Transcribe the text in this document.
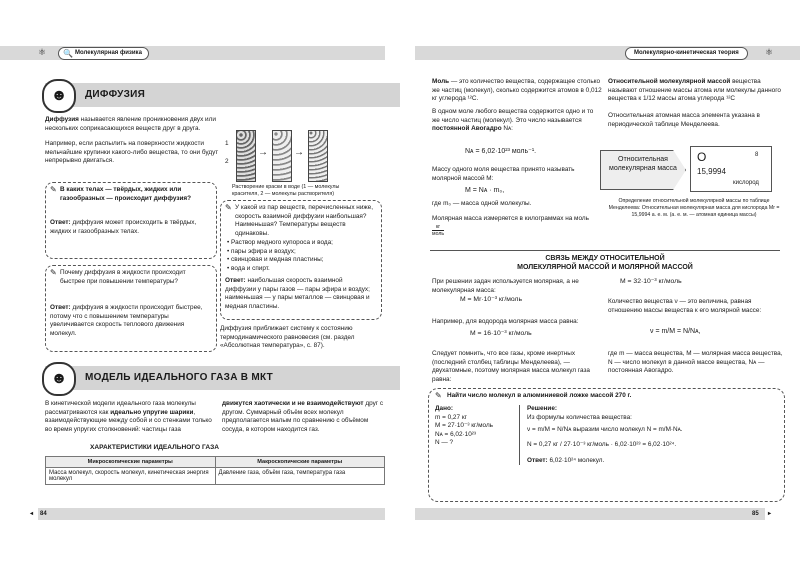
⚛ 🔍 Молекулярная физика
☻	ДИФФУЗИЯ
Диффузия называется явление проникновения двух или нескольких соприкасающихся веществ друг в друга.
Например, если распылить на поверхности жидкости мельчайшие крупинки какого-либо вещества, то они будут непрерывно двигаться.
1
2
→	→
Растворение краски в воде (1 — молекулы красителя, 2 — молекулы растворителя)
✎ В каких телах — твёрдых, жидких или газообразных — происходит диффузия?
Ответ: диффузия может происходить в твёрдых, жидких и газообразных телах.
✎ Почему диффузия в жидкости происходит быстрее при повышении температуры?
Ответ: диффузия в жидкости происходит быстрее, потому что с повышением температуры увеличивается скорость теплового движения молекул.
✎ У какой из пар веществ, перечисленных ниже, скорость взаимной диффузии наибольшая? Наименьшая? Температуры веществ одинаковы.
• Раствор медного купороса и вода;
• пары эфира и воздух;
• свинцовая и медная пластины;
• вода и спирт.
Ответ: наибольшая скорость взаимной диффузии у пары газов — пары эфира и воздух; наименьшая — у пары металлов — свинцовая и медная пластины.
Диффузия приближает систему к состоянию термодинамического равновесия (см. раздел «Абсолютная температура», с. 87).
☻	МОДЕЛЬ ИДЕАЛЬНОГО ГАЗА В МКТ
В кинетической модели идеального газа молекулы рассматриваются как идеально упругие шарики, взаимодействующие между собой и со стенками только во время упругих столкновений: частицы газа
движутся хаотически и не взаимодействуют друг с другом. Суммарный объём всех молекул предполагается малым по сравнению с объёмом сосуда, в котором находится газ.
ХАРАКТЕРИСТИКИ ИДЕАЛЬНОГО ГАЗА
Микроскопические параметры	Макроскопические параметры
Масса молекул, скорость молекул, кинетическая энергия молекул	Давление газа, объём газа, температура газа
◂ 84
Молекулярно-кинетическая теория	⚛
Моль — это количество вещества, содержащее столько же частиц (молекул), сколько содержится атомов в 0,012 кг углерода ¹²C.
В одном моле любого вещества содержится одно и то же число частиц (молекул). Это число называется постоянной Авогадро Nᴀ:
Nᴀ = 6,02·10²³ моль⁻¹.
Массу одного моля вещества принято называть молярной массой M:
M = Nᴀ · m₀,
где m₀ — масса одной молекулы.
Молярная масса измеряется в килограммах на моль
$\frac{кг}{\text{моль}}$
Относительной молекулярной массой вещества называют отношение массы атома или молекулы данного вещества к 1/12 массы атома углерода ¹²C
Относительная атомная масса элемента указана в периодической таблице Менделеева.
Относительная молекулярная масса
O	8
15,9994
кислород
Определение относительной молекулярной массы по таблице Менделеева: Относительная молекулярная масса для кислорода Mr = 15,9994 а. е. м. (а. е. м. — атомная единица массы)
СВЯЗЬ МЕЖДУ ОТНОСИТЕЛЬНОЙ
МОЛЕКУЛЯРНОЙ МАССОЙ И МОЛЯРНОЙ МАССОЙ
При решении задач используется молярная, а не молекулярная масса:
M = Mr·10⁻³ кг/моль
Например, для водорода молярная масса равна:
M = 16·10⁻³ кг/моль
Следует помнить, что все газы, кроме инертных (последний столбец таблицы Менделеева), — двухатомные, поэтому молярная масса молекул газа равна:
M = 32·10⁻³ кг/моль
Количество вещества ν — это величина, равная отношению массы вещества к его молярной массе:
ν = m/M = N/Nᴀ,
где m — масса вещества, M — молярная масса вещества, N — число молекул в данной массе вещества, Nᴀ — постоянная Авогадро.
✎ Найти число молекул в алюминиевой ложке массой 270 г.
Дано:
m = 0,27 кг
M = 27·10⁻³ кг/моль
Nᴀ = 6,02·10²³
N — ?
Решение:
Из формулы количества вещества:
ν = m/M = N/Nᴀ выразим число молекул N = m/M·Nᴀ.
N = 0,27 кг / 27·10⁻³ кг/моль · 6,02·10²³ = 6,02·10²⁴.
Ответ: 6,02·10²⁴ молекул.
85 ▸
